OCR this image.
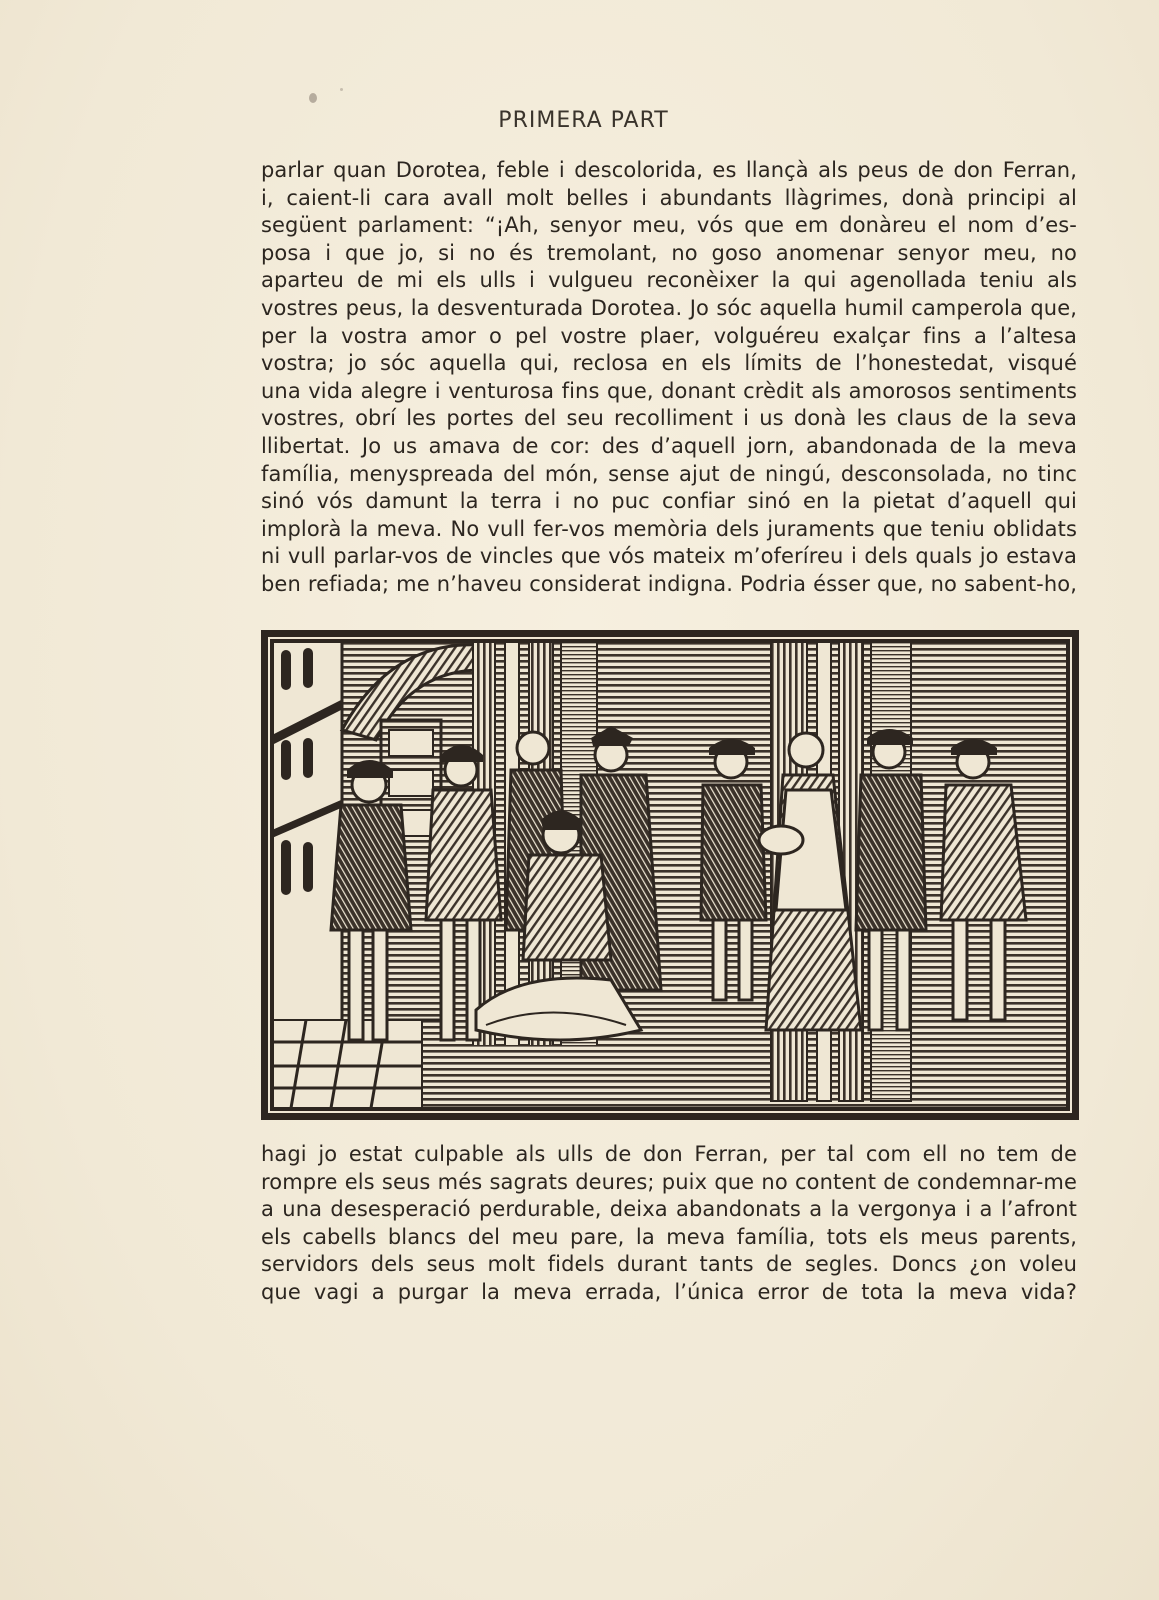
PRIMERA PART
parlar quan Dorotea, feble i descolorida, es llançà als peus de don Ferran,
i, caient-li cara avall molt belles i abundants llàgrimes, donà principi al
següent parlament: “¡Ah, senyor meu, vós que em donàreu el nom d’es-
posa i que jo, si no és tremolant, no goso anomenar senyor meu, no
aparteu de mi els ulls i vulgueu reconèixer la qui agenollada teniu als
vostres peus, la desventurada Dorotea. Jo sóc aquella humil camperola que,
per la vostra amor o pel vostre plaer, volguéreu exalçar fins a l’altesa
vostra; jo sóc aquella qui, reclosa en els límits de l’honestedat, visqué
una vida alegre i venturosa fins que, donant crèdit als amorosos sentiments
vostres, obrí les portes del seu recolliment i us donà les claus de la seva
llibertat. Jo us amava de cor: des d’aquell jorn, abandonada de la meva
família, menyspreada del món, sense ajut de ningú, desconsolada, no tinc
sinó vós damunt la terra i no puc confiar sinó en la pietat d’aquell qui
implorà la meva. No vull fer-vos memòria dels juraments que teniu oblidats
ni vull parlar-vos de vincles que vós mateix m’oferíreu i dels quals jo estava
ben refiada; me n’haveu considerat indigna. Podria ésser que, no sabent-ho,
hagi jo estat culpable als ulls de don Ferran, per tal com ell no tem de
rompre els seus més sagrats deures; puix que no content de condemnar-me
a una desesperació perdurable, deixa abandonats a la vergonya i a l’afront
els cabells blancs del meu pare, la meva família, tots els meus parents,
servidors dels seus molt fidels durant tants de segles. Doncs ¿on voleu
que vagi a purgar la meva errada, l’única error de tota la meva vida?
